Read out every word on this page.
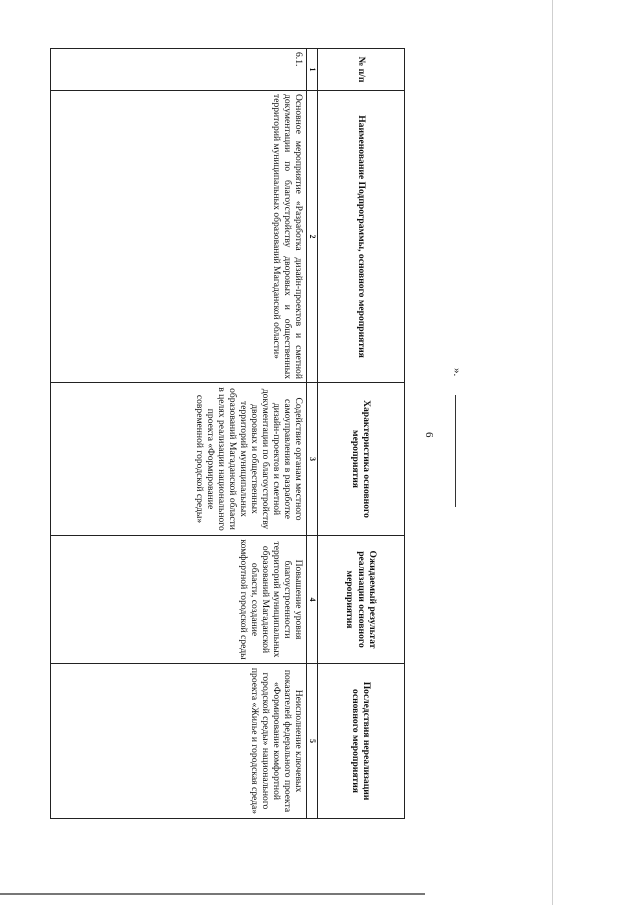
6
».
№ п/п	Наименование Подпрограммы, основного мероприятия	Характеристика основного мероприятия	Ожидаемый результат реализации основного мероприятия	Последствия нереализации основного мероприятия
1	2	3	4	5
6.1.	Основное мероприятие «Разработка дизайн-проектов и сметной документации по благоустройству дворовых и общественных территорий муниципальных образований Магаданской области»	Содействие органам местного самоуправления в разработке дизайн-проектов и сметной документации по благоустройству дворовых и общественных территорий муниципальных образований Магаданской области в целях реализации национального проекта «Формирование современной городской среды»	Повышение уровня благоустроенности территорий муниципальных образований Магаданской области, создание комфортной городской среды	Неисполнение ключевых показателей федерального проекта «Формирование комфортной городской среды» национального проекта «Жилье и городская среда»
